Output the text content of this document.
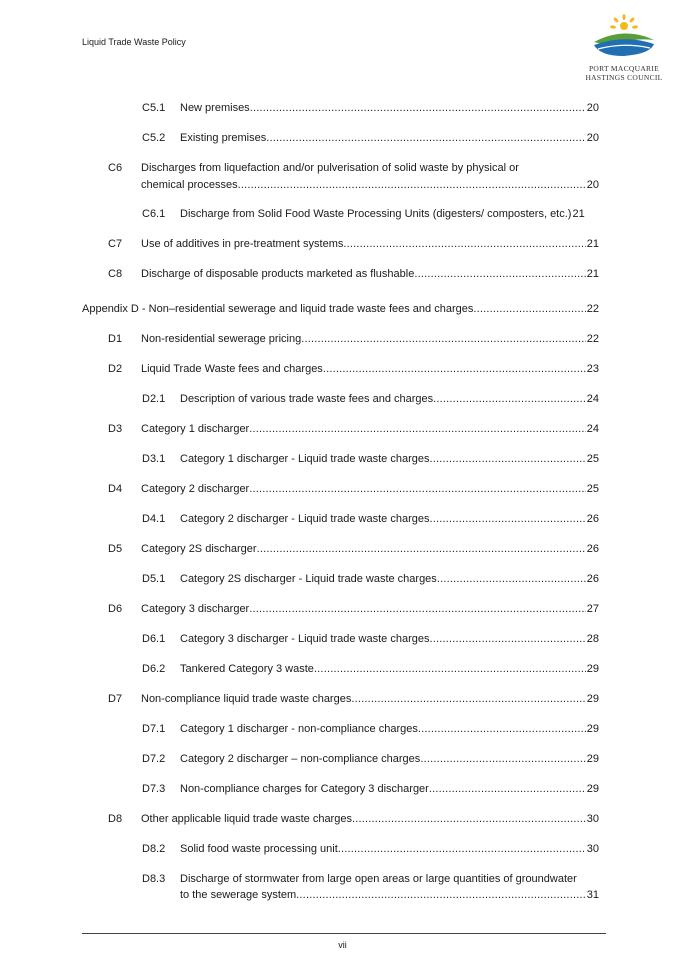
Liquid Trade Waste Policy
PORT MACQUARIE
HASTINGS COUNCIL
C5.1 New premises .....	20
C5.2 Existing premises .....	20
C6 Discharges from liquefaction and/or pulverisation of solid waste by physical or
chemical processes .....	20
C6.1 Discharge from Solid Food Waste Processing Units (digesters/ composters, etc.) 21
C7 Use of additives in pre-treatment systems .....	21
C8 Discharge of disposable products marketed as flushable .....	21
Appendix D - Non–residential sewerage and liquid trade waste fees and charges .....	22
D1 Non-residential sewerage pricing .....	22
D2 Liquid Trade Waste fees and charges .....	23
D2.1 Description of various trade waste fees and charges .....	24
D3 Category 1 discharger .....	24
D3.1 Category 1 discharger - Liquid trade waste charges .....	25
D4 Category 2 discharger .....	25
D4.1 Category 2 discharger - Liquid trade waste charges .....	26
D5 Category 2S discharger .....	26
D5.1 Category 2S discharger - Liquid trade waste charges .....	26
D6 Category 3 discharger .....	27
D6.1 Category 3 discharger - Liquid trade waste charges .....	28
D6.2 Tankered Category 3 waste .....	29
D7 Non-compliance liquid trade waste charges .....	29
D7.1 Category 1 discharger - non-compliance charges .....	29
D7.2 Category 2 discharger – non-compliance charges .....	29
D7.3 Non-compliance charges for Category 3 discharger .....	29
D8 Other applicable liquid trade waste charges .....	30
D8.2 Solid food waste processing unit .....	30
D8.3 Discharge of stormwater from large open areas or large quantities of groundwater
to the sewerage system .....	31
vii
